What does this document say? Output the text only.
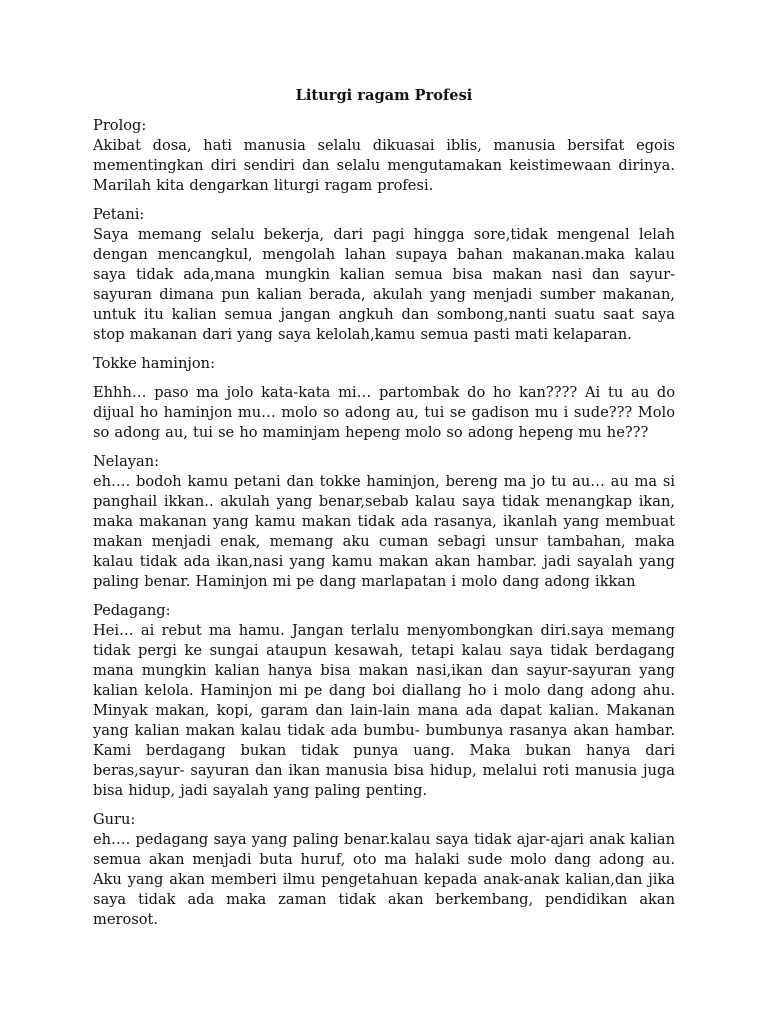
Liturgi ragam Profesi

Prolog:

Akibat dosa, hati manusia selalu dikuasai iblis, manusia bersifat egois mementingkan diri sendiri dan selalu mengutamakan keistimewaan dirinya. Marilah kita dengarkan liturgi ragam profesi.

Petani:

Saya memang selalu bekerja, dari pagi hingga sore,tidak mengenal lelah dengan mencangkul, mengolah lahan supaya bahan makanan.maka kalau saya tidak ada,mana mungkin kalian semua bisa makan nasi dan sayur-sayuran dimana pun kalian berada, akulah yang menjadi sumber makanan, untuk itu kalian semua jangan angkuh dan sombong,nanti suatu saat saya stop makanan dari yang saya kelolah,kamu semua pasti mati kelaparan.

Tokke haminjon:

Ehhh… paso ma jolo kata-kata mi… partombak do ho kan???? Ai tu au do dijual ho haminjon mu… molo so adong au, tui se gadison mu i sude??? Molo so adong au, tui se ho maminjam hepeng molo so adong hepeng mu he???

Nelayan:

eh…. bodoh kamu petani dan tokke haminjon, bereng ma jo tu au… au ma si panghail ikkan.. akulah yang benar,sebab kalau saya tidak menangkap ikan, maka makanan yang kamu makan tidak ada rasanya, ikanlah yang membuat makan menjadi enak, memang aku cuman sebagi unsur tambahan, maka kalau tidak ada ikan,nasi yang kamu makan akan hambar. jadi sayalah yang paling benar. Haminjon mi pe dang marlapatan i molo dang adong ikkan

Pedagang:

Hei… ai rebut ma hamu. Jangan terlalu menyombongkan diri.saya memang tidak pergi ke sungai ataupun kesawah, tetapi kalau saya tidak berdagang mana mungkin kalian hanya bisa makan nasi,ikan dan sayur-sayuran yang kalian kelola. Haminjon mi pe dang boi diallang ho i molo dang adong ahu. Minyak makan, kopi, garam dan lain-lain mana ada dapat kalian. Makanan yang kalian makan kalau tidak ada bumbu- bumbunya rasanya akan hambar. Kami berdagang bukan tidak punya uang. Maka bukan hanya dari beras,sayur- sayuran dan ikan manusia bisa hidup, melalui roti manusia juga bisa hidup, jadi sayalah yang paling penting.

Guru:

eh…. pedagang saya yang paling benar.kalau saya tidak ajar-ajari anak kalian semua akan menjadi buta huruf, oto ma halaki sude molo dang adong au. Aku yang akan memberi ilmu pengetahuan kepada anak-anak kalian,dan jika saya tidak ada maka zaman tidak akan berkembang, pendidikan akan merosot.
